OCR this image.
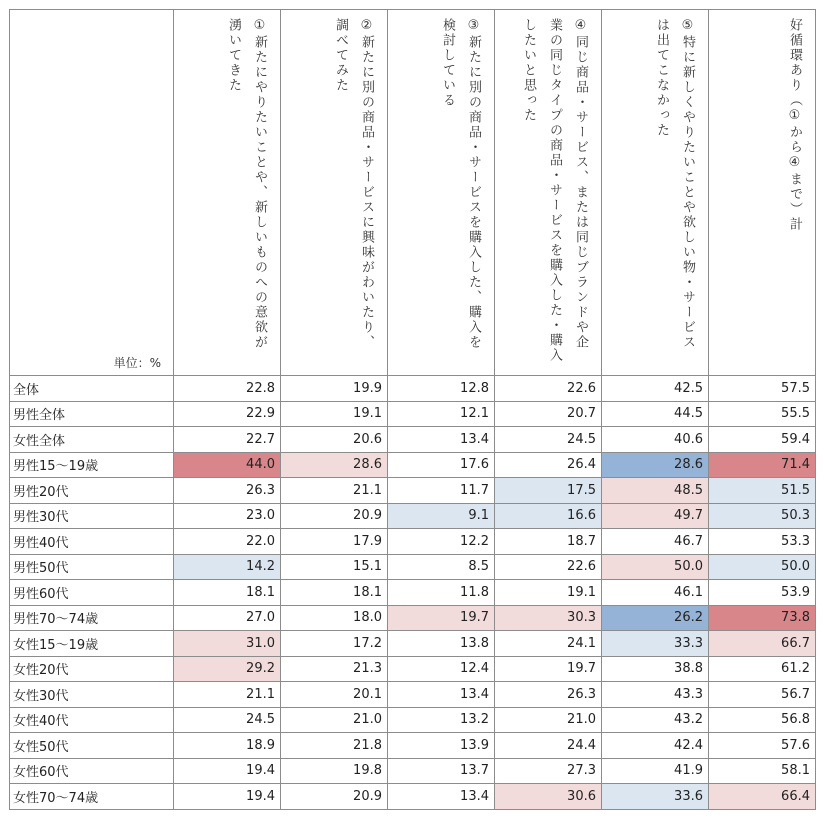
単位：%	①新たにやりたいことや、新しいものへの意欲が湧いてきた	②新たに別の商品・サービスに興味がわいたり、調べてみた	③新たに別の商品・サービスを購入した、購入を検討している	④同じ商品・サービス、または同じブランドや企業の同じタイプの商品・サービスを購入した・購入したいと思った	⑤特に新しくやりたいことや欲しい物・サービスは出てこなかった	好循環あり（①から④まで）計

全体	22.8	19.9	12.8	22.6	42.5	57.5
男性全体	22.9	19.1	12.1	20.7	44.5	55.5
女性全体	22.7	20.6	13.4	24.5	40.6	59.4
男性15～19歳	44.0	28.6	17.6	26.4	28.6	71.4
男性20代	26.3	21.1	11.7	17.5	48.5	51.5
男性30代	23.0	20.9	9.1	16.6	49.7	50.3
男性40代	22.0	17.9	12.2	18.7	46.7	53.3
男性50代	14.2	15.1	8.5	22.6	50.0	50.0
男性60代	18.1	18.1	11.8	19.1	46.1	53.9
男性70～74歳	27.0	18.0	19.7	30.3	26.2	73.8
女性15～19歳	31.0	17.2	13.8	24.1	33.3	66.7
女性20代	29.2	21.3	12.4	19.7	38.8	61.2
女性30代	21.1	20.1	13.4	26.3	43.3	56.7
女性40代	24.5	21.0	13.2	21.0	43.2	56.8
女性50代	18.9	21.8	13.9	24.4	42.4	57.6
女性60代	19.4	19.8	13.7	27.3	41.9	58.1
女性70～74歳	19.4	20.9	13.4	30.6	33.6	66.4
